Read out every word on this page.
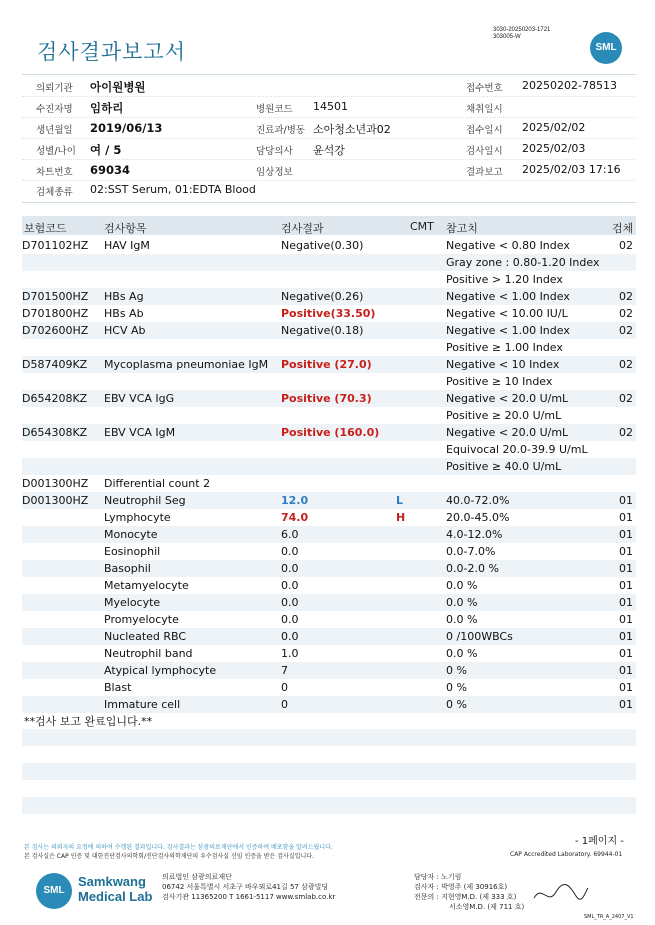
검사결과보고서
3030-20250203-1721
303005-W
SML
의뢰기관 아이원병원	접수번호 20250202-78513
수진자명 임하리	병원코드 14501	채취일시
생년월일 2019/06/13	진료과/병동 소아청소년과02	접수일시 2025/02/02
성별/나이 여 / 5	담당의사 윤석강	검사일시 2025/02/03
차트번호 69034	임상정보	결과보고 2025/02/03 17:16
검체종류 02:SST Serum, 01:EDTA Blood
보험코드	검사항목	검사결과	CMT 참고치	검체
D701102HZ HAV IgM	Negative(0.30)	Negative < 0.80 Index	02
Gray zone : 0.80-1.20 Index
Positive > 1.20 Index
D701500HZ HBs Ag	Negative(0.26)	Negative < 1.00 Index	02
D701800HZ HBs Ab	Positive(33.50)	Negative < 10.00 IU/L	02
D702600HZ HCV Ab	Negative(0.18)	Negative < 1.00 Index	02
Positive ≥ 1.00 Index
D587409KZ Mycoplasma pneumoniae IgM Positive (27.0)	Negative < 10 Index	02
Positive ≥ 10 Index
D654208KZ EBV VCA IgG	Positive (70.3)	Negative < 20.0 U/mL	02
Positive ≥ 20.0 U/mL
D654308KZ EBV VCA IgM	Positive (160.0)	Negative < 20.0 U/mL	02
Equivocal 20.0-39.9 U/mL
Positive ≥ 40.0 U/mL
D001300HZ Differential count 2
D001300HZ Neutrophil Seg	12.0	L	40.0-72.0%	01
Lymphocyte	74.0	H	20.0-45.0%	01
Monocyte	6.0	4.0-12.0%	01
Eosinophil	0.0	0.0-7.0%	01
Basophil	0.0	0.0-2.0 %	01
Metamyelocyte	0.0	0.0 %	01
Myelocyte	0.0	0.0 %	01
Promyelocyte	0.0	0.0 %	01
Nucleated RBC	0.0	0 /100WBCs	01
Neutrophil band	1.0	0.0 %	01
Atypical lymphocyte	7	0 %	01
Blast	0	0 %	01
Immature cell	0	0 %	01
**검사 보고 완료입니다.**
- 1페이지 -
본 검사는 의뢰자의 요청에 의하여 수행된 결과입니다. 검사결과는 삼광의료재단에서 인증하여 배포함을 알려드립니다.
본 검사실은 CAP 인증 및 대한진단검사의학회/진단검사의학재단의 우수검사실 신임 인증을 받은 검사실입니다.	CAP Accredited Laboratory. 69944-01
SML
Samkwang
Medical Lab
의료법인 삼광의료재단
06742 서울특별시 서초구 바우뫼로41길 57 삼광빌딩
검사기관 11365200 T 1661-5117 www.smlab.co.kr
담당자 : 노기림
검사자 : 박영주 (제 30916호)
전문의 : 지현영M.D. (제 333 호)
서소영M.D. (제 711 호)
SML_TR_A_2407_V1
